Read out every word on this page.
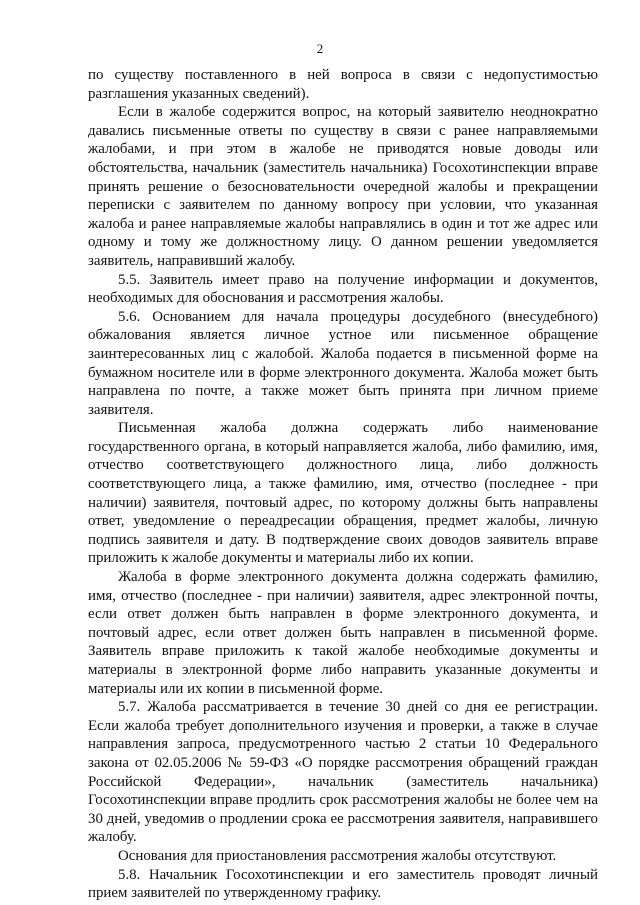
2

по существу поставленного в ней вопроса в связи с недопустимостью разглашения указанных сведений).

Если в жалобе содержится вопрос, на который заявителю неоднократно давались письменные ответы по существу в связи с ранее направляемыми жалобами, и при этом в жалобе не приводятся новые доводы или обстоятельства, начальник (заместитель начальника) Госохотинспекции вправе принять решение о безосновательности очередной жалобы и прекращении переписки с заявителем по данному вопросу при условии, что указанная жалоба и ранее направляемые жалобы направлялись в один и тот же адрес или одному и тому же должностному лицу. О данном решении уведомляется заявитель, направивший жалобу.

5.5. Заявитель имеет право на получение информации и документов, необходимых для обоснования и рассмотрения жалобы.

5.6. Основанием для начала процедуры досудебного (внесудебного) обжалования является личное устное или письменное обращение заинтересованных лиц с жалобой. Жалоба подается в письменной форме на бумажном носителе или в форме электронного документа. Жалоба может быть направлена по почте, а также может быть принята при личном приеме заявителя.

Письменная жалоба должна содержать либо наименование государственного органа, в который направляется жалоба, либо фамилию, имя, отчество соответствующего должностного лица, либо должность соответствующего лица, а также фамилию, имя, отчество (последнее - при наличии) заявителя, почтовый адрес, по которому должны быть направлены ответ, уведомление о переадресации обращения, предмет жалобы, личную подпись заявителя и дату. В подтверждение своих доводов заявитель вправе приложить к жалобе документы и материалы либо их копии.

Жалоба в форме электронного документа должна содержать фамилию, имя, отчество (последнее - при наличии) заявителя, адрес электронной почты, если ответ должен быть направлен в форме электронного документа, и почтовый адрес, если ответ должен быть направлен в письменной форме. Заявитель вправе приложить к такой жалобе необходимые документы и материалы в электронной форме либо направить указанные документы и материалы или их копии в письменной форме.

5.7. Жалоба рассматривается в течение 30 дней со дня ее регистрации. Если жалоба требует дополнительного изучения и проверки, а также в случае направления запроса, предусмотренного частью 2 статьи 10 Федерального закона от 02.05.2006 № 59-ФЗ «О порядке рассмотрения обращений граждан Российской Федерации», начальник (заместитель начальника) Госохотинспекции вправе продлить срок рассмотрения жалобы не более чем на 30 дней, уведомив о продлении срока ее рассмотрения заявителя, направившего жалобу.

Основания для приостановления рассмотрения жалобы отсутствуют.

5.8. Начальник Госохотинспекции и его заместитель проводят личный прием заявителей по утвержденному графику.
